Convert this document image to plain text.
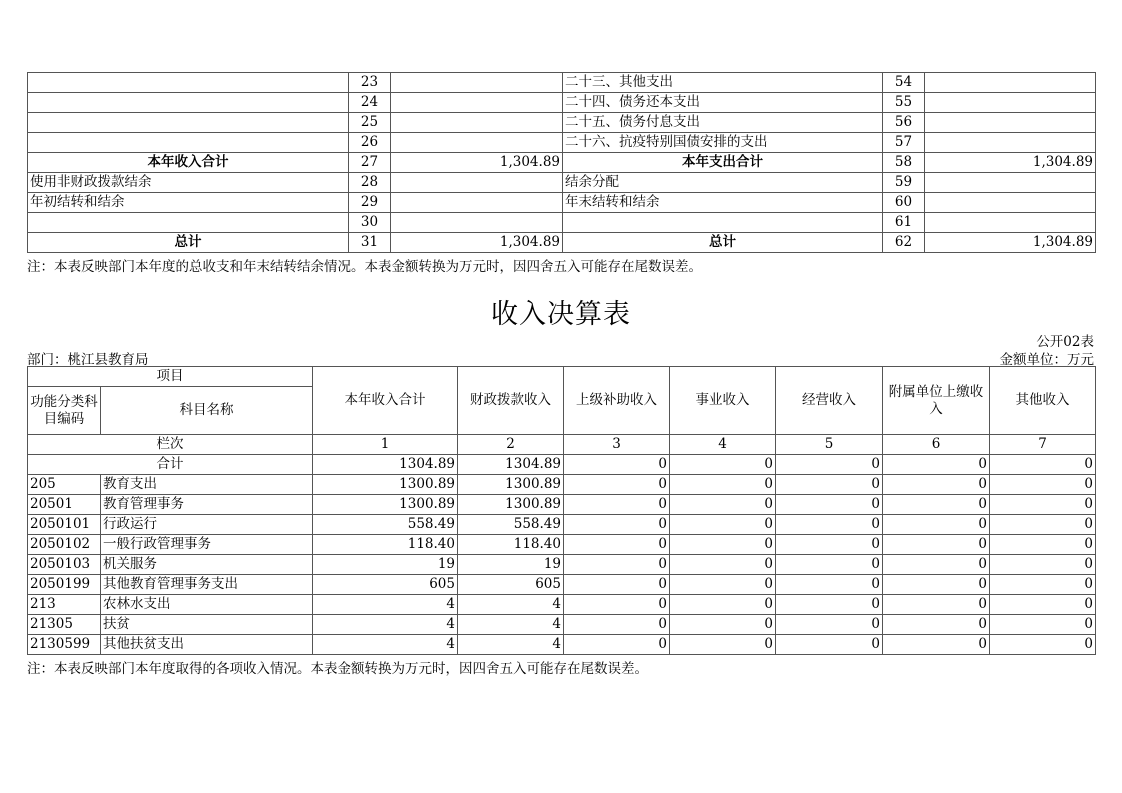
	23		二十三、其他支出	54	
	24		二十四、债务还本支出	55	
	25		二十五、债务付息支出	56	
	26		二十六、抗疫特别国债安排的支出	57	
本年收入合计	27	1,304.89	本年支出合计	58	1,304.89
使用非财政拨款结余	28		结余分配	59	
年初结转和结余	29		年末结转和结余	60	
	30			61	
总计	31	1,304.89	总计	62	1,304.89
注：本表反映部门本年度的总收支和年末结转结余情况。本表金额转换为万元时，因四舍五入可能存在尾数误差。
收入决算表
公开02表
部门：桃江县教育局	金额单位：万元
项目		本年收入合计	财政拨款收入	上级补助收入	事业收入	经营收入	附属单位上缴收入	其他收入
功能分类科目编码	科目名称							
栏次		1	2	3	4	5	6	7
合计		1304.89	1304.89	0	0	0	0	0
205	教育支出	1300.89	1300.89	0	0	0	0	0
20501	教育管理事务	1300.89	1300.89	0	0	0	0	0
2050101	行政运行	558.49	558.49	0	0	0	0	0
2050102	一般行政管理事务	118.40	118.40	0	0	0	0	0
2050103	机关服务	19	19	0	0	0	0	0
2050199	其他教育管理事务支出	605	605	0	0	0	0	0
213	农林水支出	4	4	0	0	0	0	0
21305	扶贫	4	4	0	0	0	0	0
2130599	其他扶贫支出	4	4	0	0	0	0	0
注：本表反映部门本年度取得的各项收入情况。本表金额转换为万元时，因四舍五入可能存在尾数误差。
